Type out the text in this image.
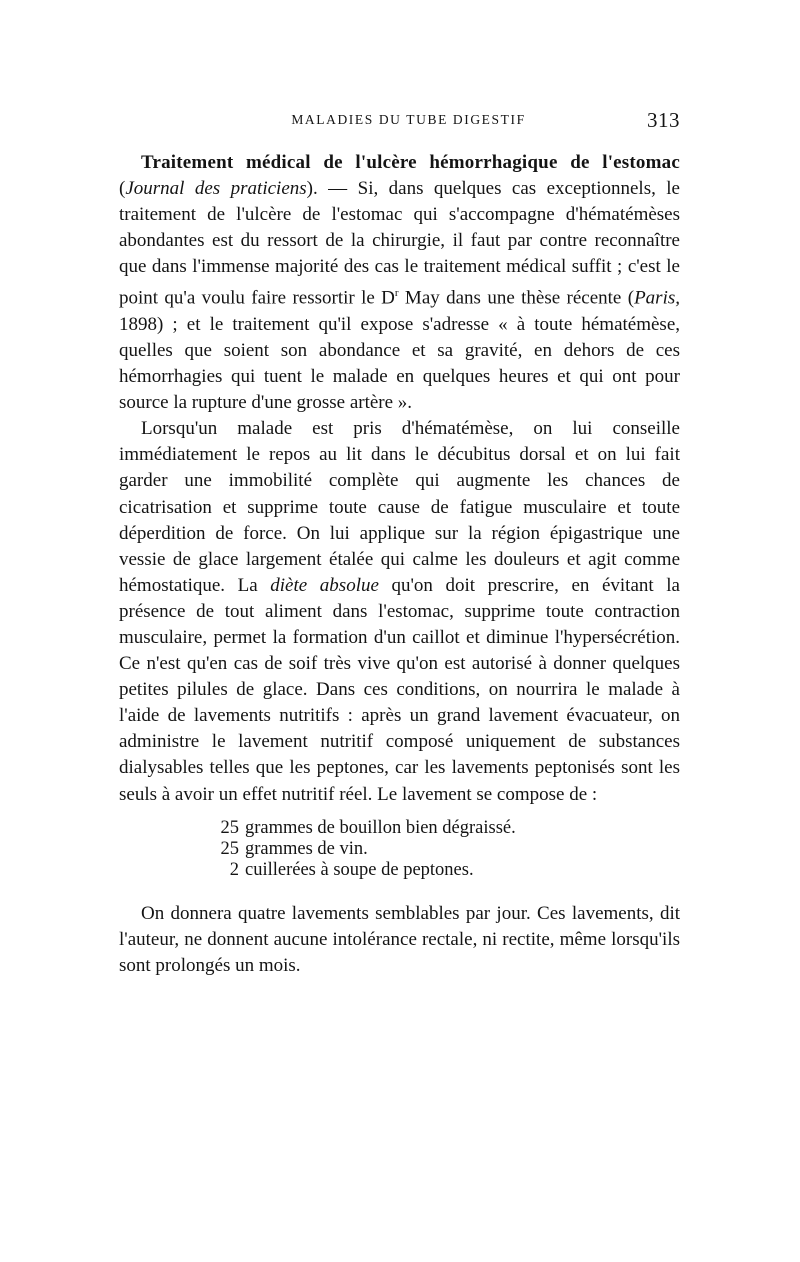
MALADIES DU TUBE DIGESTIF	313

Traitement médical de l'ulcère hémorrhagique de l'estomac (Journal des praticiens). — Si, dans quelques cas exceptionnels, le traitement de l'ulcère de l'estomac qui s'accompagne d'hématémèses abondantes est du ressort de la chirurgie, il faut par contre reconnaître que dans l'immense majorité des cas le traitement médical suffit ; c'est le point qu'a voulu faire ressortir le $D^r$ May dans une thèse récente (Paris, 1898) ; et le traitement qu'il expose s'adresse « à toute hématémèse, quelles que soient son abondance et sa gravité, en dehors de ces hémorrhagies qui tuent le malade en quelques heures et qui ont pour source la rupture d'une grosse artère ».

Lorsqu'un malade est pris d'hématémèse, on lui conseille immédiatement le repos au lit dans le décubitus dorsal et on lui fait garder une immobilité complète qui augmente les chances de cicatrisation et supprime toute cause de fatigue musculaire et toute déperdition de force. On lui applique sur la région épigastrique une vessie de glace largement étalée qui calme les douleurs et agit comme hémostatique. La diète absolue qu'on doit prescrire, en évitant la présence de tout aliment dans l'estomac, supprime toute contraction musculaire, permet la formation d'un caillot et diminue l'hypersécrétion. Ce n'est qu'en cas de soif très vive qu'on est autorisé à donner quelques petites pilules de glace. Dans ces conditions, on nourrira le malade à l'aide de lavements nutritifs : après un grand lavement évacuateur, on administre le lavement nutritif composé uniquement de substances dialysables telles que les peptones, car les lavements peptonisés sont les seuls à avoir un effet nutritif réel. Le lavement se compose de :

25 grammes de bouillon bien dégraissé.
25 grammes de vin.
2 cuillerées à soupe de peptones.

On donnera quatre lavements semblables par jour. Ces lavements, dit l'auteur, ne donnent aucune intolérance rectale, ni rectite, même lorsqu'ils sont prolongés un mois.
